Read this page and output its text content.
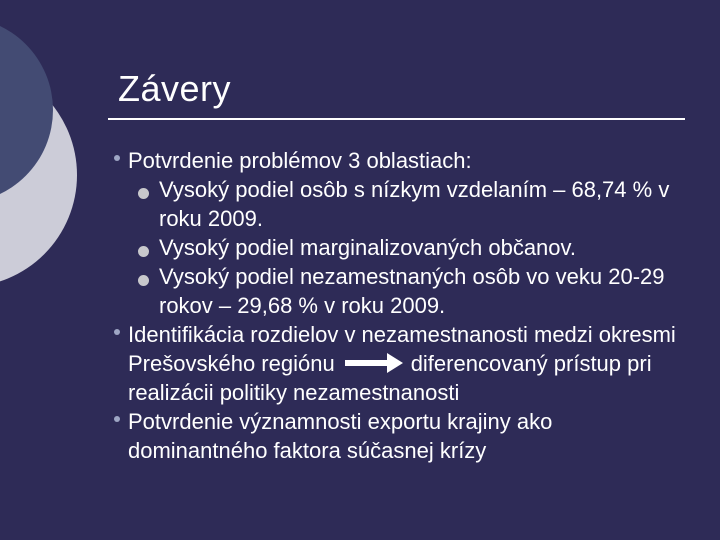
Závery
Potvrdenie problémov 3 oblastiach:
Vysoký podiel osôb s nízkym vzdelaním – 68,74 % v roku 2009.
Vysoký podiel marginalizovaných občanov.
Vysoký podiel nezamestnaných osôb vo veku 20-29 rokov – 29,68 % v roku 2009.
Identifikácia rozdielov v nezamestnanosti medzi okresmi Prešovského regiónu	diferencovaný prístup pri realizácii politiky nezamestnanosti
Potvrdenie významnosti exportu krajiny ako dominantného faktora súčasnej krízy
